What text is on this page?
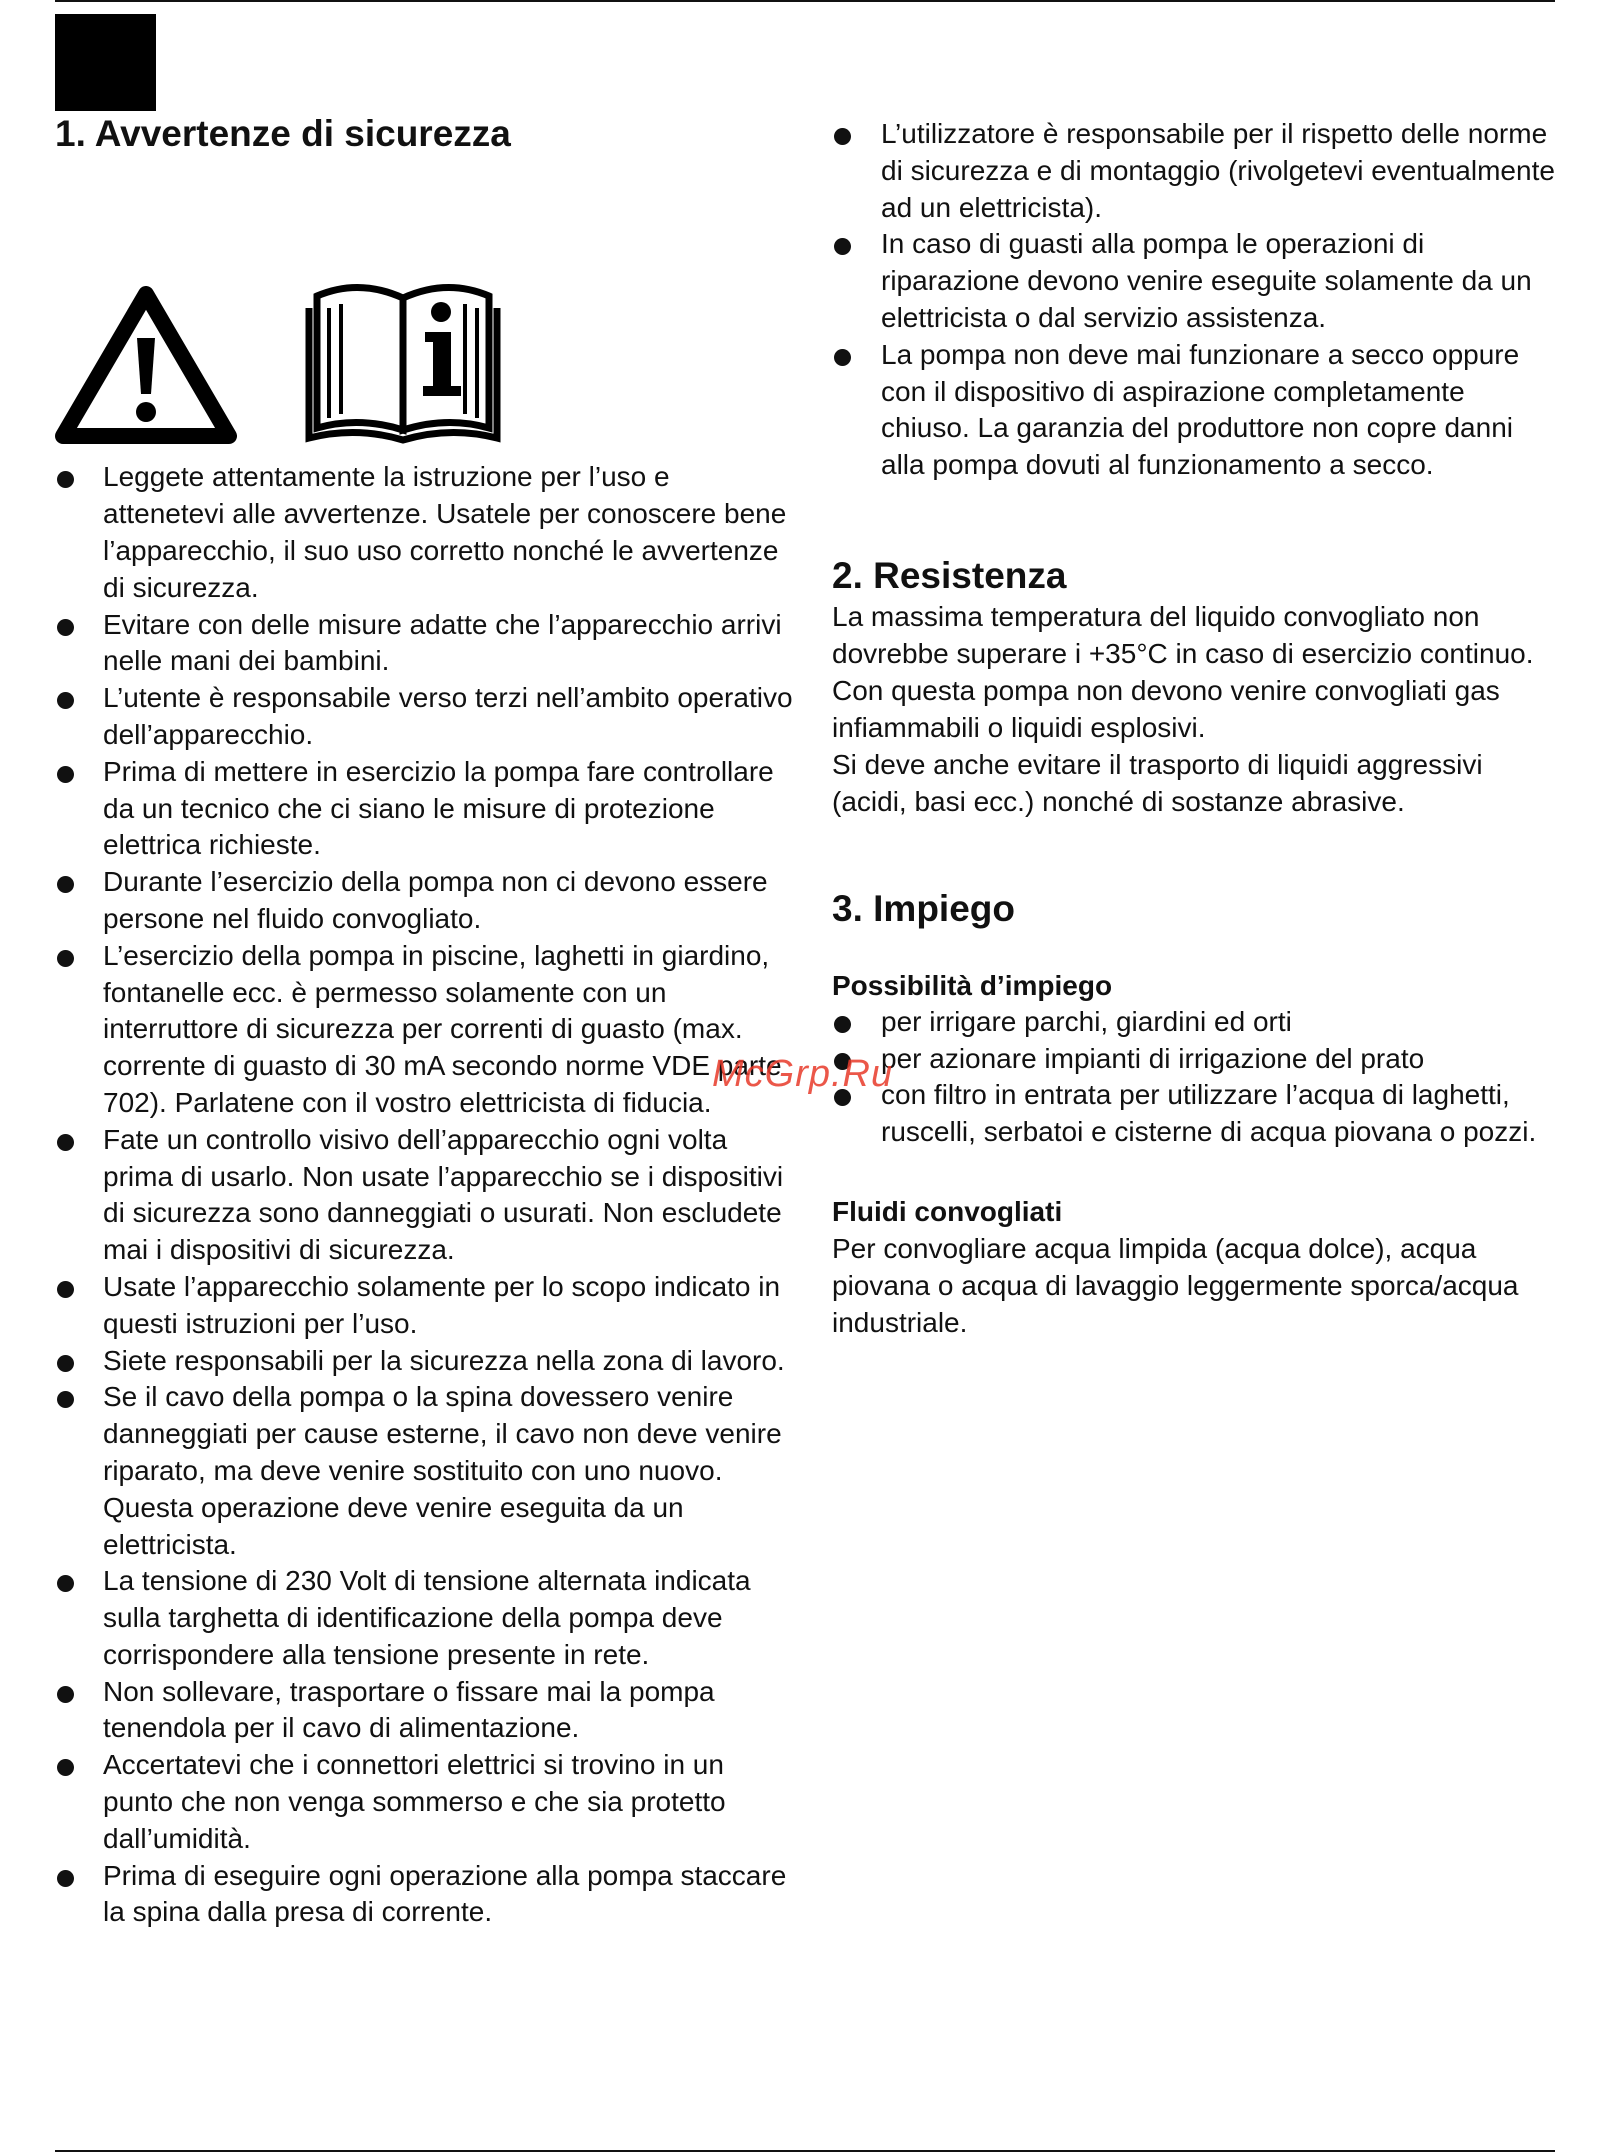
1. Avvertenze di sicurezza
Leggete attentamente la istruzione per l’uso e attenetevi alle avvertenze. Usatele per conoscere bene l’apparecchio, il suo uso corretto nonché le avvertenze di sicurezza.
Evitare con delle misure adatte che l’apparecchio arrivi nelle mani dei bambini.
L’utente è responsabile verso terzi nell’ambito operativo dell’apparecchio.
Prima di mettere in esercizio la pompa fare controllare da un tecnico che ci siano le misure di protezione elettrica richieste.
Durante l’esercizio della pompa non ci devono essere persone nel fluido convogliato.
L’esercizio della pompa in piscine, laghetti in giardino, fontanelle ecc. è permesso solamente con un interruttore di sicurezza per correnti di guasto (max. corrente di guasto di 30 mA secondo norme VDE parte 702). Parlatene con il vostro elettricista di fiducia.
Fate un controllo visivo dell’apparecchio ogni volta prima di usarlo. Non usate l’apparecchio se i dispositivi di sicurezza sono danneggiati o usurati. Non escludete mai i dispositivi di sicurezza.
Usate l’apparecchio solamente per lo scopo indicato in questi istruzioni per l’uso.
Siete responsabili per la sicurezza nella zona di lavoro.
Se il cavo della pompa o la spina dovessero venire danneggiati per cause esterne, il cavo non deve venire riparato, ma deve venire sostituito con uno nuovo. Questa operazione deve venire eseguita da un elettricista.
La tensione di 230 Volt di tensione alternata indicata sulla targhetta di identificazione della pompa deve corrispondere alla tensione presente in rete.
Non sollevare, trasportare o fissare mai la pompa tenendola per il cavo di alimentazione.
Accertatevi che i connettori elettrici si trovino in un punto che non venga sommerso e che sia protetto dall’umidità.
Prima di eseguire ogni operazione alla pompa staccare la spina dalla presa di corrente.
L’utilizzatore è responsabile per il rispetto delle norme di sicurezza e di montaggio (rivolgetevi eventualmente ad un elettricista).
In caso di guasti alla pompa le operazioni di riparazione devono venire eseguite solamente da un elettricista o dal servizio assistenza.
La pompa non deve mai funzionare a secco oppure con il dispositivo di aspirazione completamente chiuso. La garanzia del produttore non copre danni alla pompa dovuti al funzionamento a secco.
2. Resistenza

La massima temperatura del liquido convogliato non dovrebbe superare i +35°C in caso di esercizio continuo.

Con questa pompa non devono venire convogliati gas infiammabili o liquidi esplosivi.

Si deve anche evitare il trasporto di liquidi aggressivi (acidi, basi ecc.) nonché di sostanze abrasive.

3. Impiego
Possibilità d’impiego
per irrigare parchi, giardini ed orti
per azionare impianti di irrigazione del prato
con filtro in entrata per utilizzare l’acqua di laghetti, ruscelli, serbatoi e cisterne di acqua piovana o pozzi.
Fluidi convogliati

Per convogliare acqua limpida (acqua dolce), acqua piovana o acqua di lavaggio leggermente sporca/acqua industriale.

McGrp.Ru
